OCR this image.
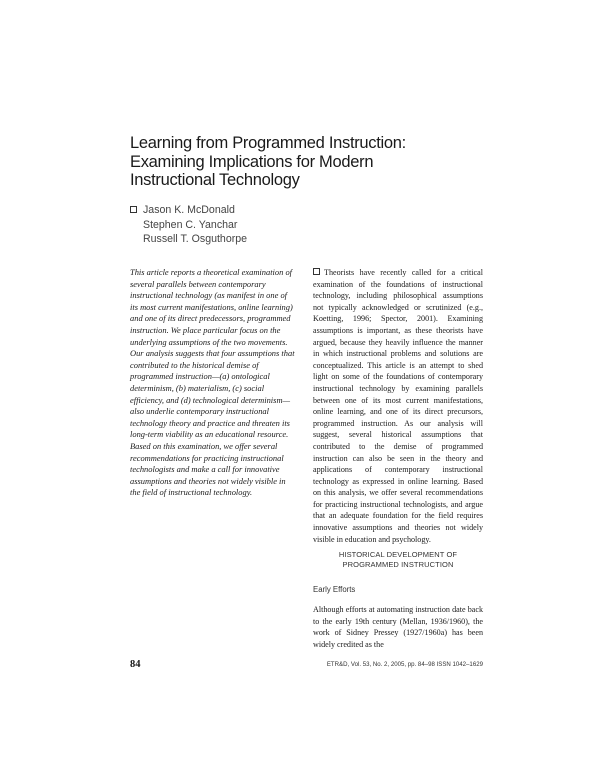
Learning from Programmed Instruction:
Examining Implications for Modern
Instructional Technology
Jason K. McDonald
Stephen C. Yanchar
Russell T. Osguthorpe
This article reports a theoretical examination of several parallels between contemporary instructional technology (as manifest in one of its most current manifestations, online learning) and one of its direct predecessors, programmed instruction. We place particular focus on the underlying assumptions of the two movements. Our analysis suggests that four assumptions that contributed to the historical demise of programmed instruction—(a) ontological determinism, (b) materialism, (c) social efficiency, and (d) technological determinism—also underlie contemporary instructional technology theory and practice and threaten its long-term viability as an educational resource. Based on this examination, we offer several recommendations for practicing instructional technologists and make a call for innovative assumptions and theories not widely visible in the field of instructional technology.
Theorists have recently called for a critical examination of the foundations of instructional technology, including philosophical assumptions not typically acknowledged or scrutinized (e.g., Koetting, 1996; Spector, 2001). Examining assumptions is important, as these theorists have argued, because they heavily influence the manner in which instructional problems and solutions are conceptualized. This article is an attempt to shed light on some of the foundations of contemporary instructional technology by examining parallels between one of its most current manifestations, online learning, and one of its direct precursors, programmed instruction. As our analysis will suggest, several historical assumptions that contributed to the demise of programmed instruction can also be seen in the theory and applications of contemporary instructional technology as expressed in online learning. Based on this analysis, we offer several recommendations for practicing instructional technologists, and argue that an adequate foundation for the field requires innovative assumptions and theories not widely visible in education and psychology.
HISTORICAL DEVELOPMENT OF
PROGRAMMED INSTRUCTION
Early Efforts
Although efforts at automating instruction date back to the early 19th century (Mellan, 1936/1960), the work of Sidney Pressey (1927/1960a) has been widely credited as the
84	ETR&D, Vol. 53, No. 2, 2005, pp. 84–98 ISSN 1042–1629
